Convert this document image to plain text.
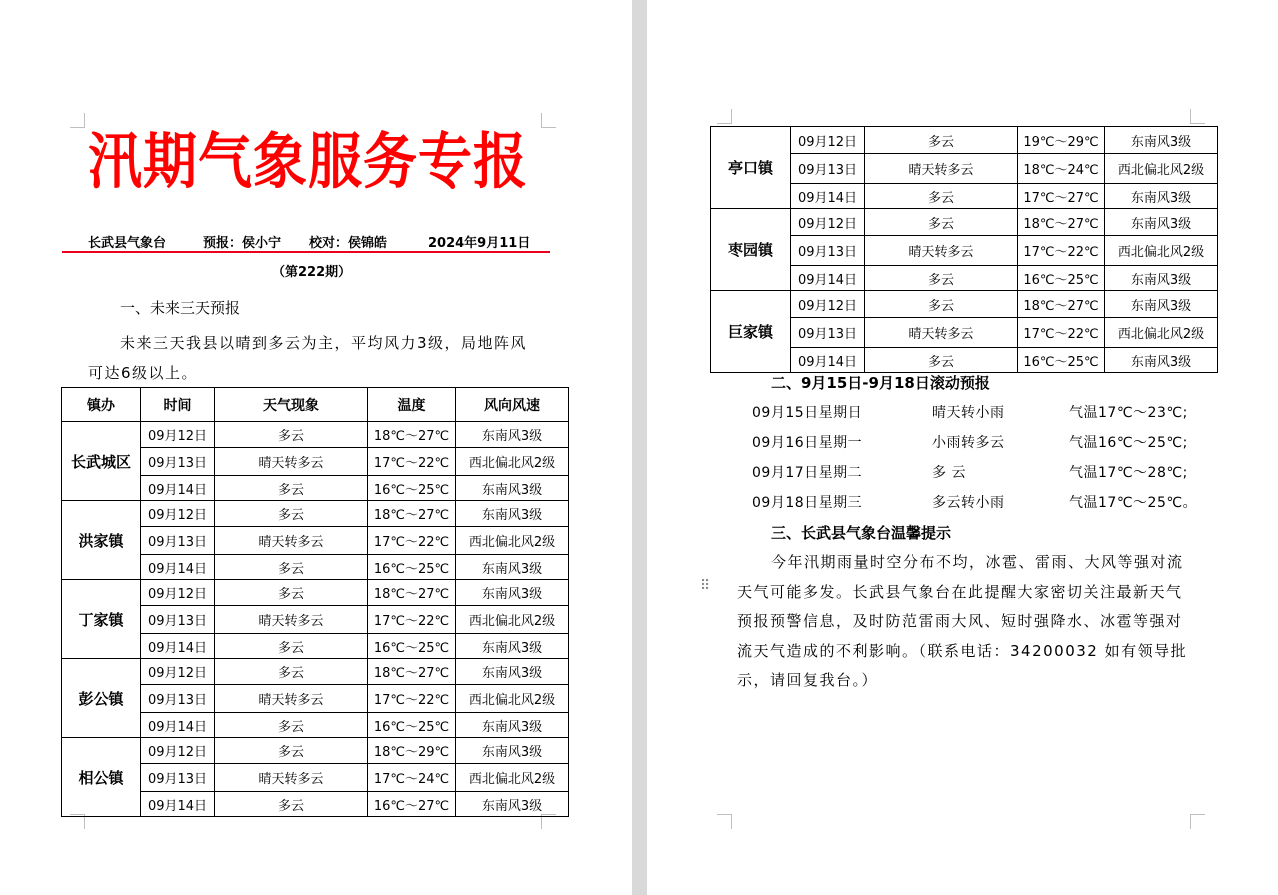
汛期气象服务专报
长武县气象台	预报：侯小宁 校对：侯锦皓	2024年9月11日
（第222期）
一、未来三天预报
未来三天我县以晴到多云为主，平均风力3级，局地阵风
可达6级以上。
镇办	时间	天气现象	温度	风向风速
长武城区	09月12日	多云	18℃～27℃	东南风3级
	09月13日	晴天转多云	17℃～22℃	西北偏北风2级
	09月14日	多云	16℃～25℃	东南风3级
洪家镇	09月12日	多云	18℃～27℃	东南风3级
	09月13日	晴天转多云	17℃～22℃	西北偏北风2级
	09月14日	多云	16℃～25℃	东南风3级
丁家镇	09月12日	多云	18℃～27℃	东南风3级
	09月13日	晴天转多云	17℃～22℃	西北偏北风2级
	09月14日	多云	16℃～25℃	东南风3级
彭公镇	09月12日	多云	18℃～27℃	东南风3级
	09月13日	晴天转多云	17℃～22℃	西北偏北风2级
	09月14日	多云	16℃～25℃	东南风3级
相公镇	09月12日	多云	18℃～29℃	东南风3级
	09月13日	晴天转多云	17℃～24℃	西北偏北风2级
	09月14日	多云	16℃～27℃	东南风3级
亭口镇	09月12日	多云	19℃～29℃	东南风3级
	09月13日	晴天转多云	18℃～24℃	西北偏北风2级
	09月14日	多云	17℃～27℃	东南风3级
枣园镇	09月12日	多云	18℃～27℃	东南风3级
	09月13日	晴天转多云	17℃～22℃	西北偏北风2级
	09月14日	多云	16℃～25℃	东南风3级
巨家镇	09月12日	多云	18℃～27℃	东南风3级
	09月13日	晴天转多云	17℃～22℃	西北偏北风2级
	09月14日	多云	16℃～25℃	东南风3级
二、9月15日-9月18日滚动预报
09月15日星期日	晴天转小雨	气温17℃～23℃;
09月16日星期一	小雨转多云	气温16℃～25℃;
09月17日星期二	多 云	气温17℃～28℃;
09月18日星期三	多云转小雨	气温17℃～25℃。
三、长武县气象台温馨提示
今年汛期雨量时空分布不均，冰雹、雷雨、大风等强对流
天气可能多发。长武县气象台在此提醒大家密切关注最新天气
预报预警信息，及时防范雷雨大风、短时强降水、冰雹等强对
流天气造成的不利影响。（联系电话：34200032 如有领导批
示，请回复我台。）
⠿
